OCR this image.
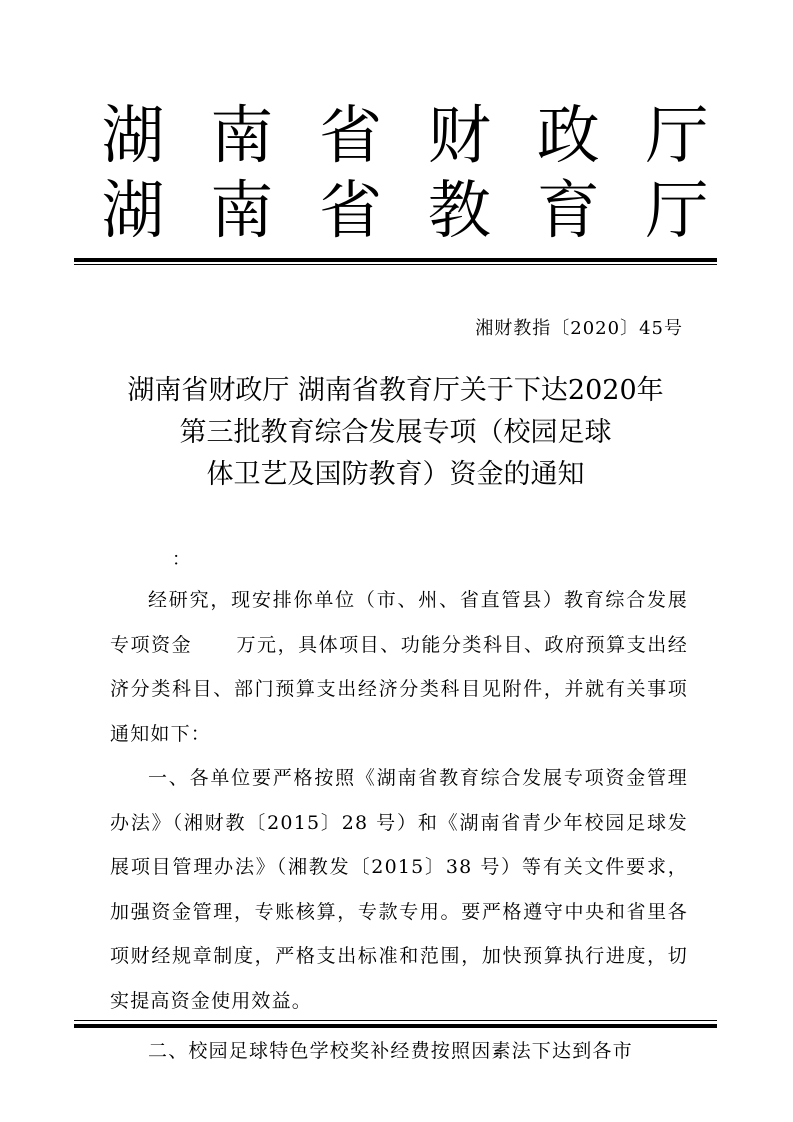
湖 南 省 财 政 厅
湖 南 省 教 育 厅
湘财教指〔2020〕45号
湖南省财政厅 湖南省教育厅关于下达2020年
第三批教育综合发展专项（校园足球
体卫艺及国防教育）资金的通知
：

经研究，现安排你单位（市、州、省直管县）教育综合发展专项资金 万元，具体项目、功能分类科目、政府预算支出经济分类科目、部门预算支出经济分类科目见附件，并就有关事项通知如下：

一、各单位要严格按照《湖南省教育综合发展专项资金管理办法》（湘财教〔2015〕28 号）和《湖南省青少年校园足球发展项目管理办法》（湘教发〔2015〕38 号）等有关文件要求，加强资金管理，专账核算，专款专用。要严格遵守中央和省里各项财经规章制度，严格支出标准和范围，加快预算执行进度，切实提高资金使用效益。

二、校园足球特色学校奖补经费按照因素法下达到各市
